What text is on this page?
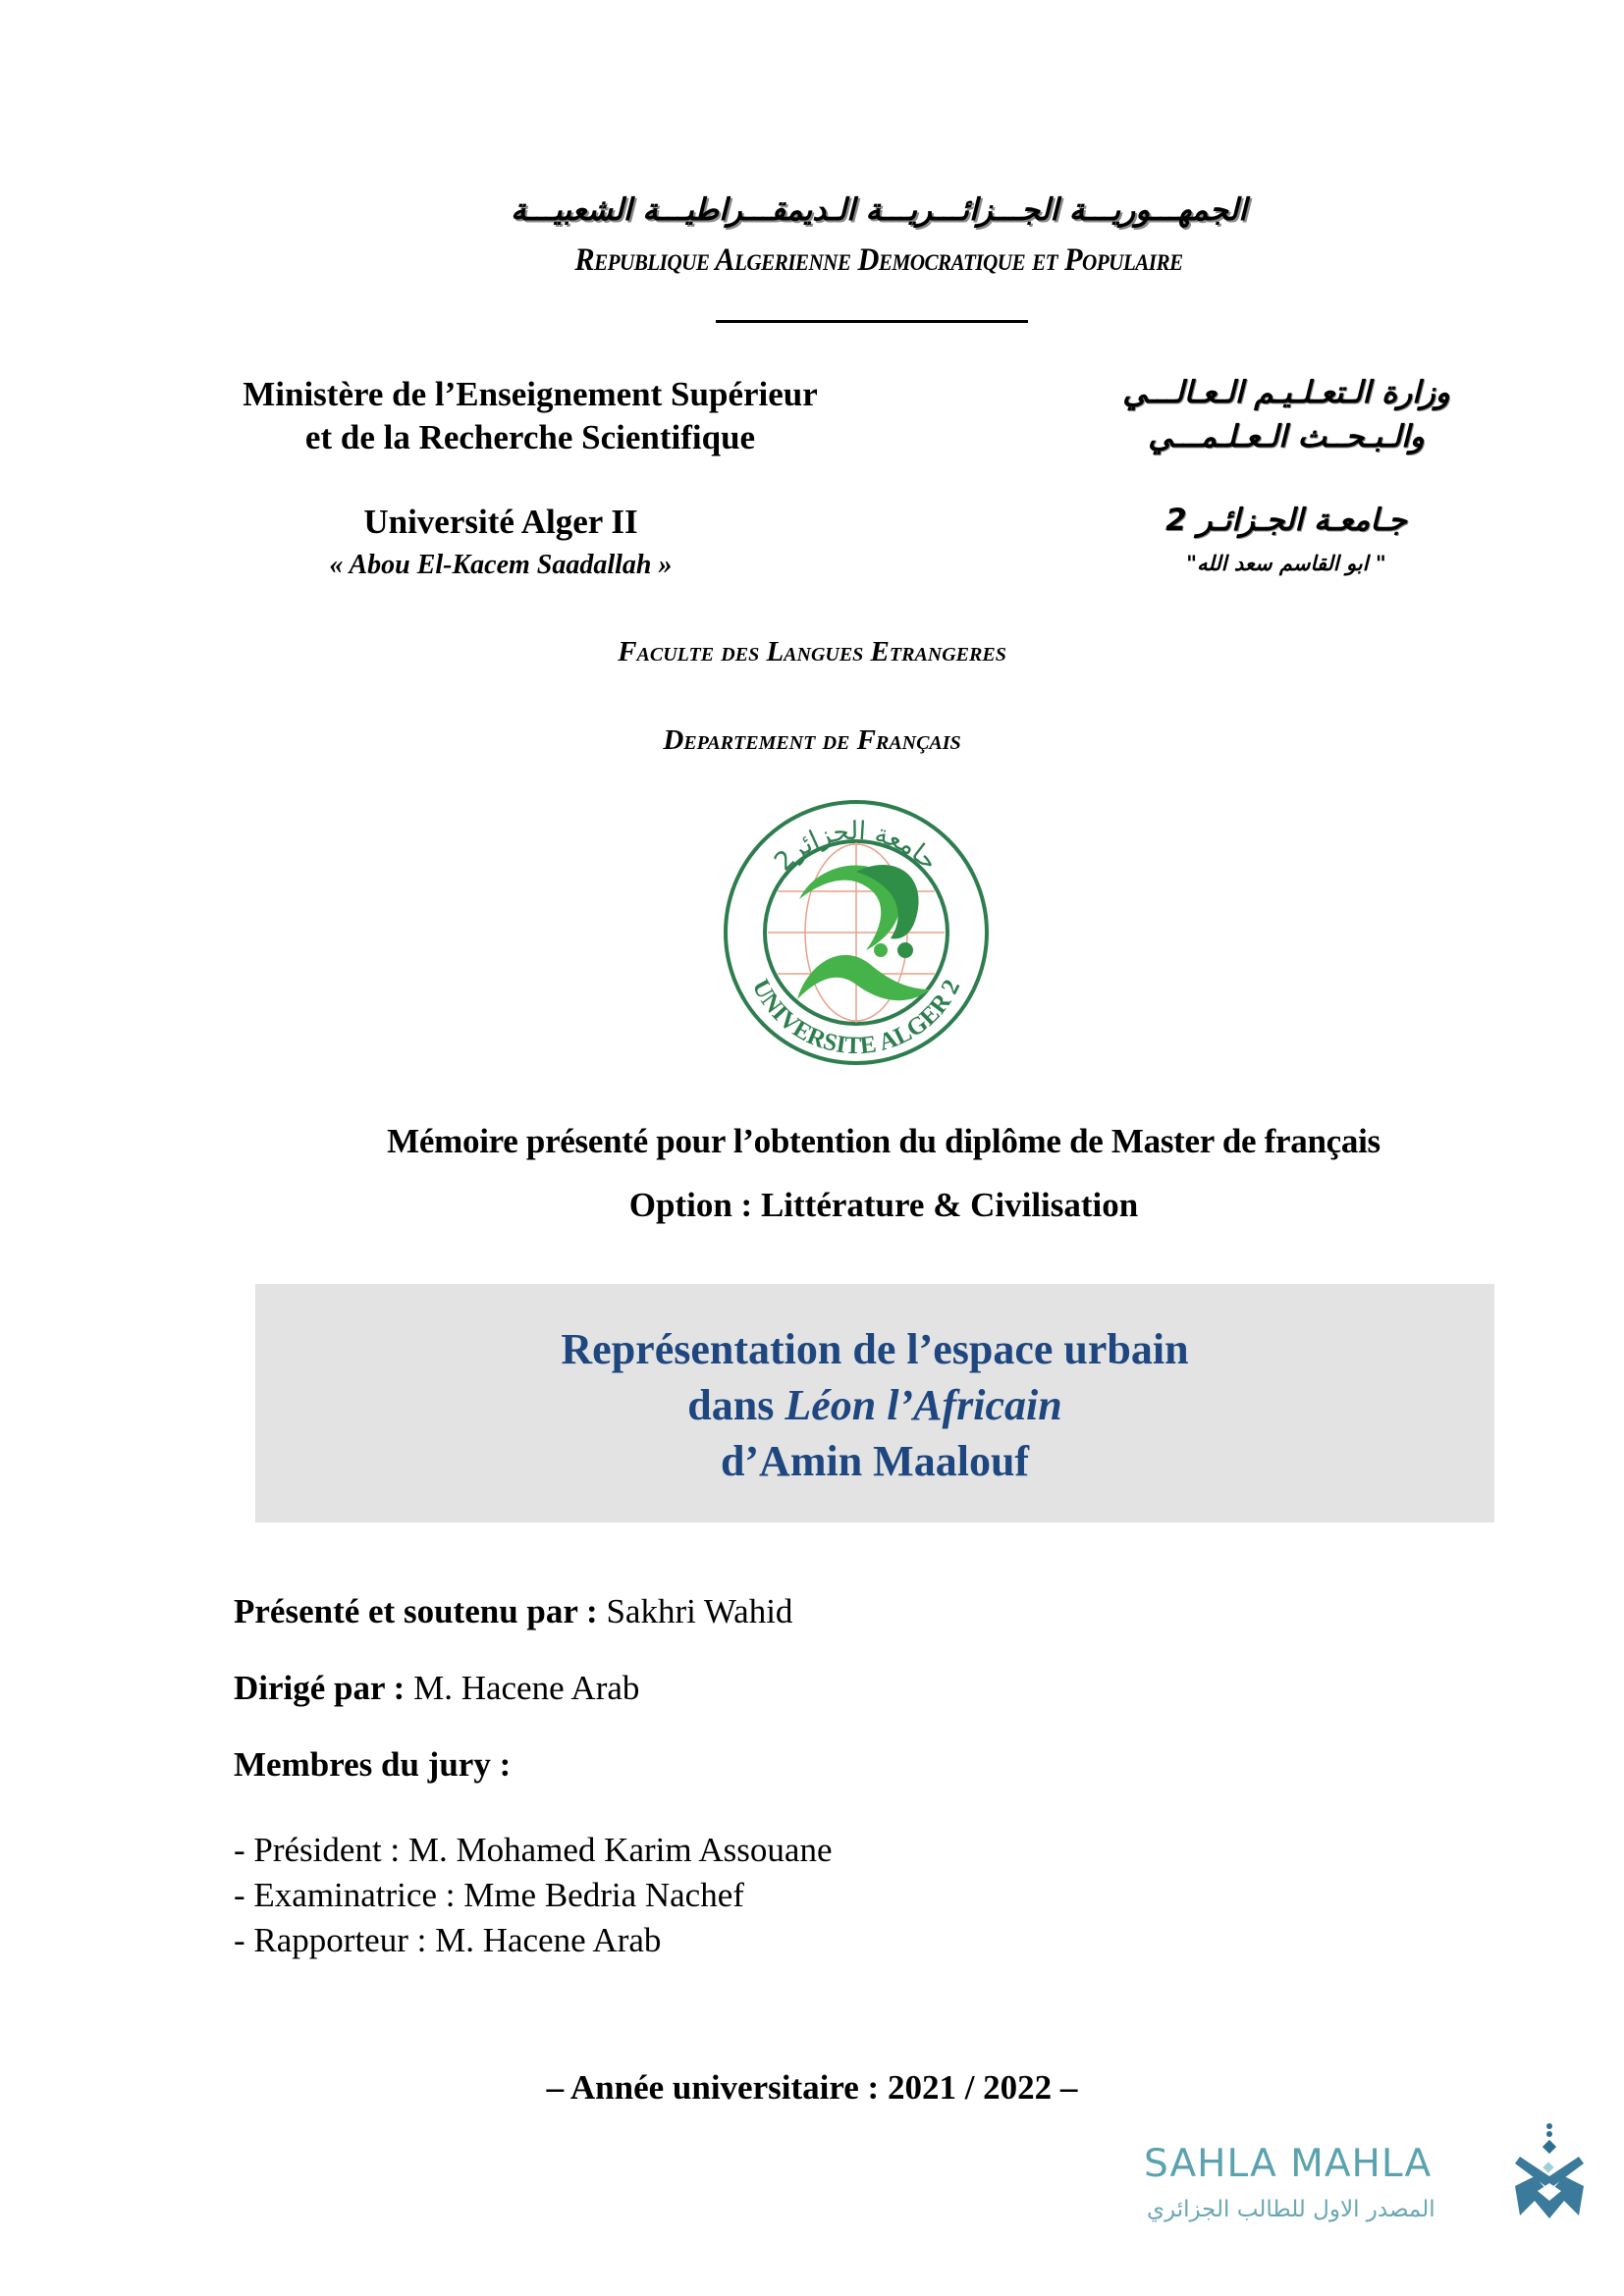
الجمهـــوريـــة الجـــزائـــريـــة الـديمقـــراطيـــة الشعبيـــة
Republique Algerienne Democratique et Populaire
Ministère de l’Enseignement Supérieur
et de la Recherche Scientifique
وزارة الـتعـلـيـم الـعـالـــي
والـبـحــث الـعـلـمـــي
Université Alger II
« Abou El-Kacem Saadallah »
جـامعـة الجـزائـر 2
" ابو القاسم سعد الله"
Faculte des Langues Etrangeres
Departement de Français
جامعة الجزائر2
UNIVERSITE ALGER 2
Mémoire présenté pour l’obtention du diplôme de Master de français
Option : Littérature & Civilisation
Représentation de l’espace urbain
dans Léon l’Africain
d’Amin Maalouf
Présenté et soutenu par : Sakhri Wahid
Dirigé par : M. Hacene Arab
Membres du jury :
- Président : M. Mohamed Karim Assouane
- Examinatrice : Mme Bedria Nachef
- Rapporteur : M. Hacene Arab
– Année universitaire : 2021 / 2022 –
SAHLA MAHLA
المصدر الاول للطالب الجزائري
